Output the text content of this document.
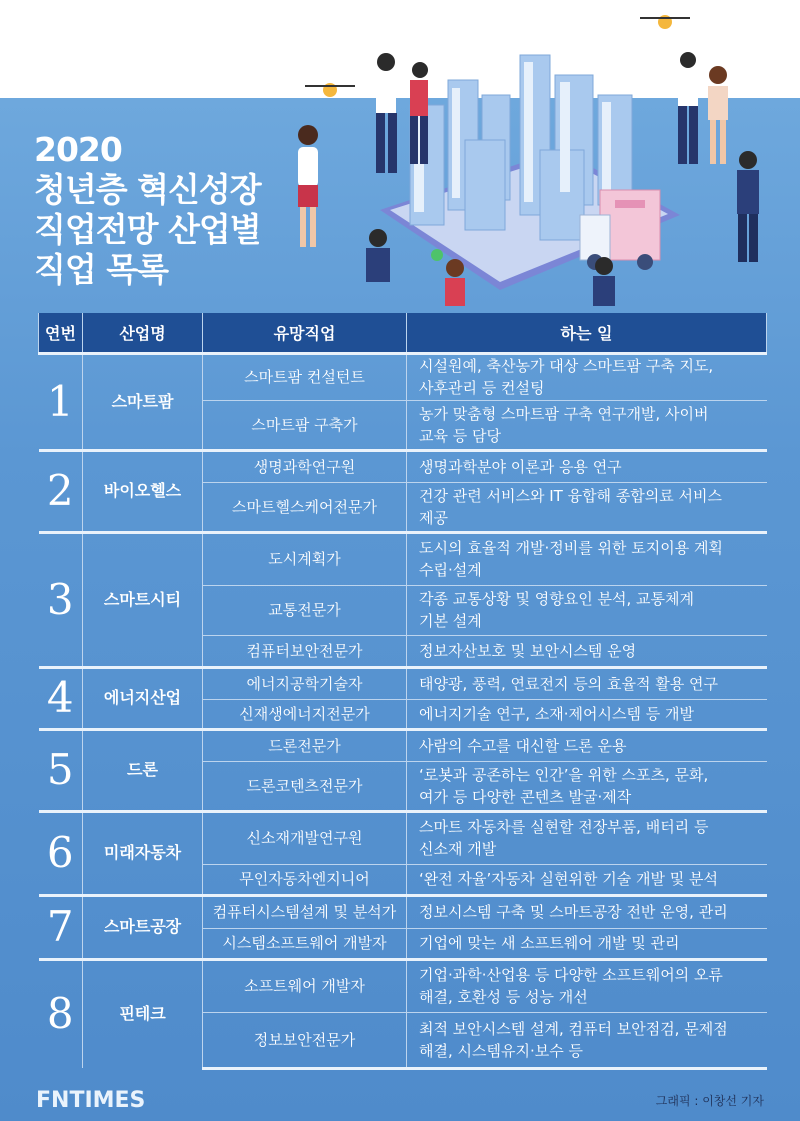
2020
청년층 혁신성장
직업전망 산업별
직업 목록
연번	산업명	유망직업	하는 일
1	스마트팜	스마트팜 컨설턴트	시설원예, 축산농가 대상 스마트팜 구축 지도,
사후관리 등 컨설팅

		스마트팜 구축가	농가 맞춤형 스마트팜 구축 연구개발, 사이버
교육 등 담당

2	바이오헬스	생명과학연구원	생명과학분야 이론과 응용 연구

		스마트헬스케어전문가	건강 관련 서비스와 IT 융합해 종합의료 서비스
제공

3	스마트시티	도시계획가	도시의 효율적 개발·정비를 위한 토지이용 계획
수립·설계

		교통전문가	각종 교통상황 및 영향요인 분석, 교통체계
기본 설계

		컴퓨터보안전문가	정보자산보호 및 보안시스템 운영

4	에너지산업	에너지공학기술자	태양광, 풍력, 연료전지 등의 효율적 활용 연구

		신재생에너지전문가	에너지기술 연구, 소재·제어시스템 등 개발

5	드론	드론전문가	사람의 수고를 대신할 드론 운용

		드론코텐츠전문가	‘로봇과 공존하는 인간’을 위한 스포츠, 문화,
여가 등 다양한 콘텐츠 발굴·제작

6	미래자동차	신소재개발연구원	스마트 자동차를 실현할 전장부품, 배터리 등
신소재 개발

		무인자동차엔지니어	‘완전 자율’자동차 실현위한 기술 개발 및 분석

7	스마트공장	컴퓨터시스템설계 및 분석가	정보시스템 구축 및 스마트공장 전반 운영, 관리

		시스템소프트웨어 개발자	기업에 맞는 새 소프트웨어 개발 및 관리

8	핀테크	소프트웨어 개발자	기업·과학·산업용 등 다양한 소프트웨어의 오류
해결, 호환성 등 성능 개선

		정보보안전문가	최적 보안시스템 설계, 컴퓨터 보안점검, 문제점
해결, 시스템유지·보수 등
FNTIMES	그래픽 : 이창선 기자
